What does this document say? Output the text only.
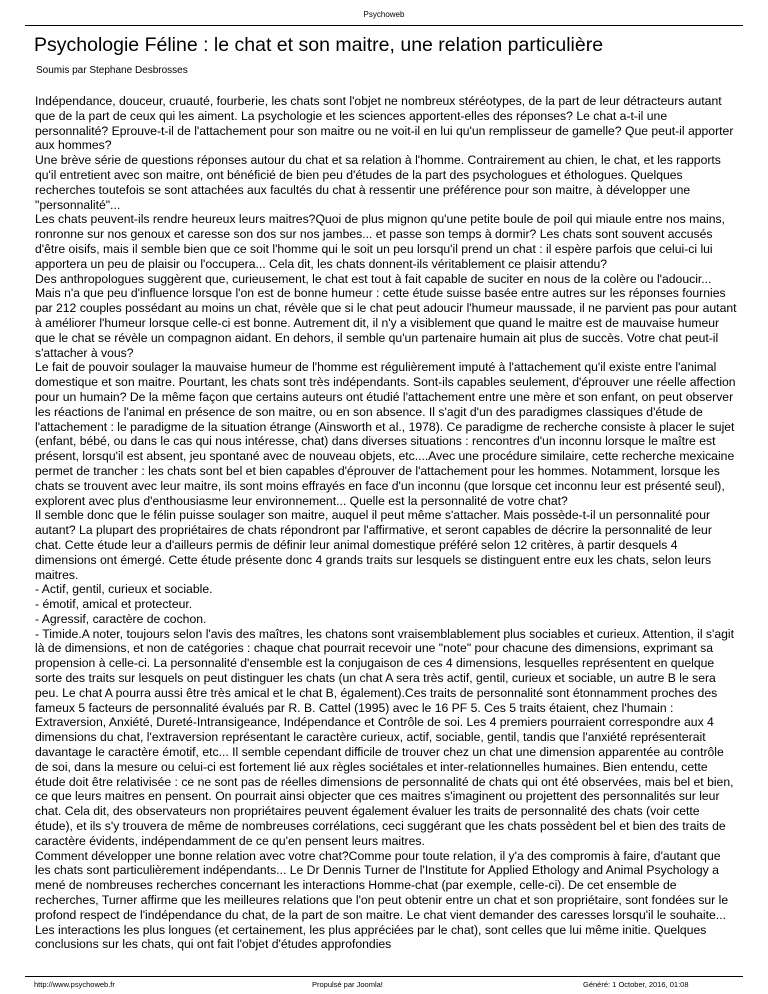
Psychoweb
Psychologie Féline : le chat et son maitre, une relation particulière
Soumis par Stephane Desbrosses

Indépendance, douceur, cruauté, fourberie, les chats sont l'objet ne nombreux stéréotypes, de la part de leur détracteurs autant que de la part de ceux qui les aiment. La psychologie et les sciences apportent-elles des réponses? Le chat a-t-il une personnalité? Eprouve-t-il de l'attachement pour son maitre ou ne voit-il en lui qu'un remplisseur de gamelle? Que peut-il apporter aux hommes?

Une brève série de questions réponses autour du chat et sa relation à l'homme. Contrairement au chien, le chat, et les rapports qu'il entretient avec son maitre, ont bénéficié de bien peu d'études de la part des psychologues et éthologues. Quelques recherches toutefois se sont attachées aux facultés du chat à ressentir une préférence pour son maitre, à développer une "personnalité"...

Les chats peuvent-ils rendre heureux leurs maitres?Quoi de plus mignon qu'une petite boule de poil qui miaule entre nos mains, ronronne sur nos genoux et caresse son dos sur nos jambes... et passe son temps à dormir? Les chats sont souvent accusés d'être oisifs, mais il semble bien que ce soit l'homme qui le soit un peu lorsqu'il prend un chat : il espère parfois que celui-ci lui apportera un peu de plaisir ou l'occupera... Cela dit, les chats donnent-ils véritablement ce plaisir attendu?

Des anthropologues suggèrent que, curieusement, le chat est tout à fait capable de suciter en nous de la colère ou l'adoucir... Mais n'a que peu d'influence lorsque l'on est de bonne humeur : cette étude suisse basée entre autres sur les réponses fournies par 212 couples possédant au moins un chat, révèle que si le chat peut adoucir l'humeur maussade, il ne parvient pas pour autant à améliorer l'humeur lorsque celle-ci est bonne. Autrement dit, il n'y a visiblement que quand le maitre est de mauvaise humeur que le chat se révèle un compagnon aidant. En dehors, il semble qu'un partenaire humain ait plus de succès. Votre chat peut-il s'attacher à vous?

Le fait de pouvoir soulager la mauvaise humeur de l'homme est régulièrement imputé à l'attachement qu'il existe entre l'animal domestique et son maitre. Pourtant, les chats sont très indépendants. Sont-ils capables seulement, d'éprouver une réelle affection pour un humain? De la même façon que certains auteurs ont étudié l'attachement entre une mère et son enfant, on peut observer les réactions de l'animal en présence de son maitre, ou en son absence. Il s'agit d'un des paradigmes classiques d'étude de l'attachement : le paradigme de la situation étrange (Ainsworth et al., 1978). Ce paradigme de recherche consiste à placer le sujet (enfant, bébé, ou dans le cas qui nous intéresse, chat) dans diverses situations : rencontres d'un inconnu lorsque le maître est présent, lorsqu'il est absent, jeu spontané avec de nouveau objets, etc....Avec une procédure similaire, cette recherche mexicaine permet de trancher : les chats sont bel et bien capables d'éprouver de l'attachement pour les hommes. Notamment, lorsque les chats se trouvent avec leur maitre, ils sont moins effrayés en face d'un inconnu (que lorsque cet inconnu leur est présenté seul), explorent avec plus d'enthousiasme leur environnement... Quelle est la personnalité de votre chat?

Il semble donc que le félin puisse soulager son maitre, auquel il peut même s'attacher. Mais possède-t-il un personnalité pour autant? La plupart des propriétaires de chats répondront par l'affirmative, et seront capables de décrire la personnalité de leur chat. Cette étude leur a d'ailleurs permis de définir leur animal domestique préféré selon 12 critères, à partir desquels 4 dimensions ont émergé. Cette étude présente donc 4 grands traits sur lesquels se distinguent entre eux les chats, selon leurs maitres.

- Actif, gentil, curieux et sociable.

- émotif, amical et protecteur.

- Agressif, caractère de cochon.

- Timide.A noter, toujours selon l'avis des maîtres, les chatons sont vraisemblablement plus sociables et curieux. Attention, il s'agit là de dimensions, et non de catégories : chaque chat pourrait recevoir une "note" pour chacune des dimensions, exprimant sa propension à celle-ci. La personnalité d'ensemble est la conjugaison de ces 4 dimensions, lesquelles représentent en quelque sorte des traits sur lesquels on peut distinguer les chats (un chat A sera très actif, gentil, curieux et sociable, un autre B le sera peu. Le chat A pourra aussi être très amical et le chat B, également).Ces traits de personnalité sont étonnamment proches des fameux 5 facteurs de personnalité évalués par R. B. Cattel (1995) avec le 16 PF 5. Ces 5 traits étaient, chez l'humain : Extraversion, Anxiété, Dureté-Intransigeance, Indépendance et Contrôle de soi. Les 4 premiers pourraient correspondre aux 4 dimensions du chat, l'extraversion représentant le caractère curieux, actif, sociable, gentil, tandis que l'anxiété représenterait davantage le caractère émotif, etc... Il semble cependant difficile de trouver chez un chat une dimension apparentée au contrôle de soi, dans la mesure ou celui-ci est fortement lié aux règles sociétales et inter-relationnelles humaines. Bien entendu, cette étude doit être relativisée : ce ne sont pas de réelles dimensions de personnalité de chats qui ont été observées, mais bel et bien, ce que leurs maitres en pensent. On pourrait ainsi objecter que ces maitres s'imaginent ou projettent des personnalités sur leur chat. Cela dit, des observateurs non propriétaires peuvent également évaluer les traits de personnalité des chats (voir cette étude), et ils s'y trouvera de même de nombreuses corrélations, ceci suggérant que les chats possèdent bel et bien des traits de caractère évidents, indépendamment de ce qu'en pensent leurs maitres.

Comment développer une bonne relation avec votre chat?Comme pour toute relation, il y'a des compromis à faire, d'autant que les chats sont particulièrement indépendants... Le Dr Dennis Turner de l'Institute for Applied Ethology and Animal Psychology a mené de nombreuses recherches concernant les interactions Homme-chat (par exemple, celle-ci). De cet ensemble de recherches, Turner affirme que les meilleures relations que l'on peut obtenir entre un chat et son propriétaire, sont fondées sur le profond respect de l'indépendance du chat, de la part de son maitre. Le chat vient demander des caresses lorsqu'il le souhaite... Les interactions les plus longues (et certainement, les plus appréciées par le chat), sont celles que lui même initie. Quelques conclusions sur les chats, qui ont fait l'objet d'études approfondies

http://www.psychoweb.fr	Propulsé par Joomla!	Généré: 1 October, 2016, 01:08
